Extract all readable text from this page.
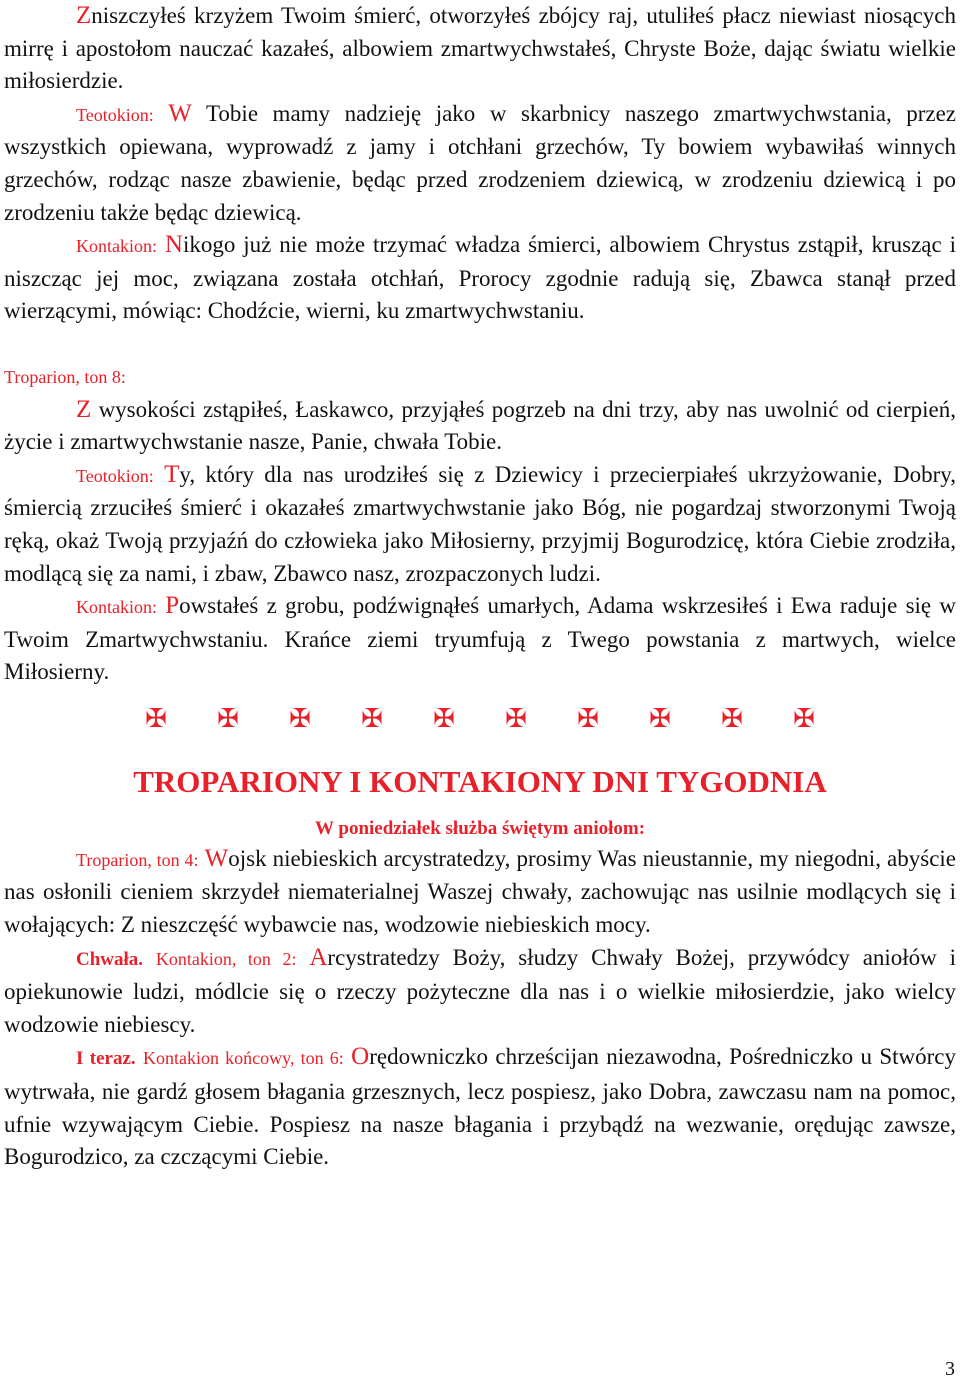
Zniszczyłeś krzyżem Twoim śmierć, otworzyłeś zbójcy raj, utuliłeś płacz niewiast niosących mirrę i apostołom nauczać kazałeś, albowiem zmartwychwstałeś, Chryste Boże, dając światu wielkie miłosierdzie.

Teotokion: W Tobie mamy nadzieję jako w skarbnicy naszego zmartwychwstania, przez wszystkich opiewana, wyprowadź z jamy i otchłani grzechów, Ty bowiem wybawiłaś winnych grzechów, rodząc nasze zbawienie, będąc przed zrodzeniem dziewicą, w zrodzeniu dziewicą i po zrodzeniu także będąc dziewicą.

Kontakion: Nikogo już nie może trzymać władza śmierci, albowiem Chrystus zstąpił, krusząc i niszcząc jej moc, związana została otchłań, Prorocy zgodnie radują się, Zbawca stanął przed wierzącymi, mówiąc: Chodźcie, wierni, ku zmartwychwstaniu.

Troparion, ton 8:

Z wysokości zstąpiłeś, Łaskawco, przyjąłeś pogrzeb na dni trzy, aby nas uwolnić od cierpień, życie i zmartwychwstanie nasze, Panie, chwała Tobie.

Teotokion: Ty, który dla nas urodziłeś się z Dziewicy i przecierpiałeś ukrzyżowanie, Dobry, śmiercią zrzuciłeś śmierć i okazałeś zmartwychwstanie jako Bóg, nie pogardzaj stworzonymi Twoją ręką, okaż Twoją przyjaźń do człowieka jako Miłosierny, przyjmij Bogurodzicę, która Ciebie zrodziła, modlącą się za nami, i zbaw, Zbawco nasz, zrozpaczonych ludzi.

Kontakion: Powstałeś z grobu, podźwignąłeś umarłych, Adama wskrzesiłeś i Ewa raduje się w Twoim Zmartwychwstaniu. Krańce ziemi tryumfują z Twego powstania z martwych, wielce Miłosierny.

✠ ✠ ✠ ✠ ✠ ✠ ✠ ✠ ✠ ✠
TROPARIONY I KONTAKIONY DNI TYGODNIA
W poniedziałek służba świętym aniołom:

Troparion, ton 4: Wojsk niebieskich arcystratedzy, prosimy Was nieustannie, my niegodni, abyście nas osłonili cieniem skrzydeł niematerialnej Waszej chwały, zachowując nas usilnie modlących się i wołających: Z nieszczęść wybawcie nas, wodzowie niebieskich mocy.

Chwała. Kontakion, ton 2: Arcystratedzy Boży, słudzy Chwały Bożej, przywódcy aniołów i opiekunowie ludzi, módlcie się o rzeczy pożyteczne dla nas i o wielkie miłosierdzie, jako wielcy wodzowie niebiescy.

I teraz. Kontakion końcowy, ton 6: Orędowniczko chrześcijan niezawodna, Pośredniczko u Stwórcy wytrwała, nie gardź głosem błagania grzesznych, lecz pospiesz, jako Dobra, zawczasu nam na pomoc, ufnie wzywającym Ciebie. Pospiesz na nasze błagania i przybądź na wezwanie, orędując zawsze, Bogurodzico, za czczącymi Ciebie.

3
